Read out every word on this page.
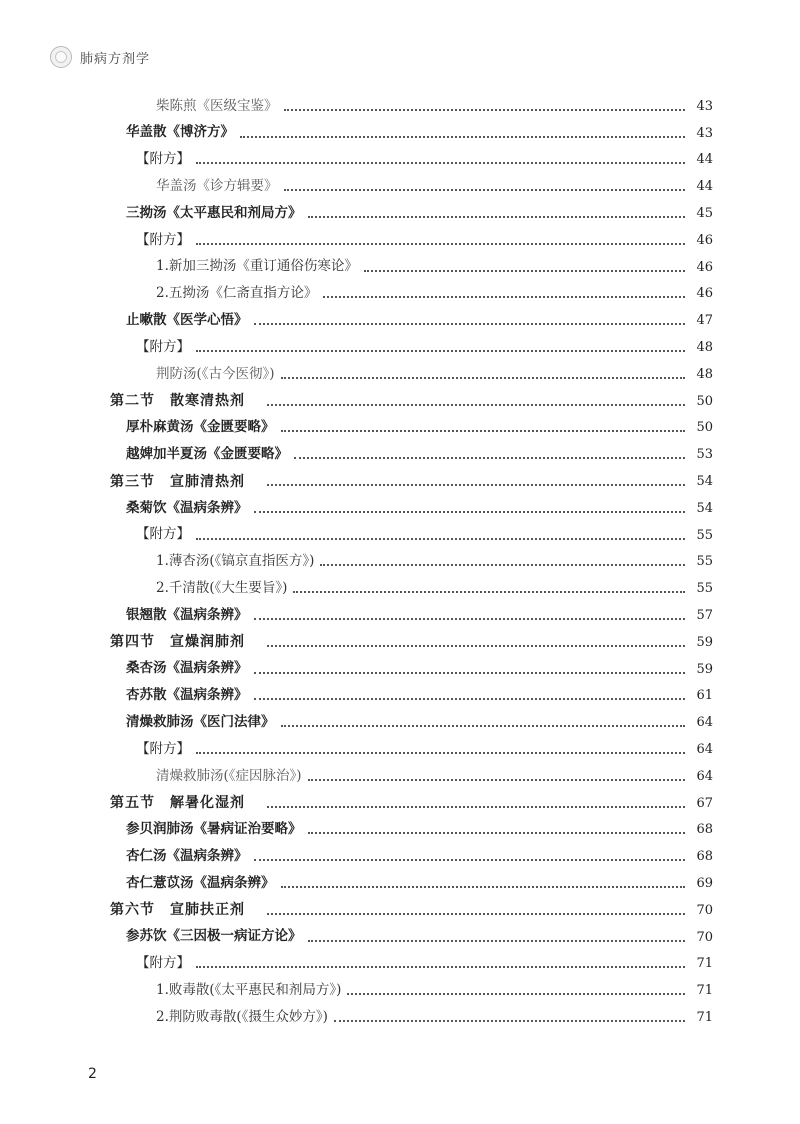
肺病方剂学
柴陈煎《医级宝鉴》	43
华盖散《博济方》	43
【附方】	44
华盖汤《诊方辑要》	44
三拗汤《太平惠民和剂局方》	45
【附方】	46
1.新加三拗汤《重订通俗伤寒论》	46
2.五拗汤《仁斋直指方论》	46
止嗽散《医学心悟》	47
【附方】	48
荆防汤(《古今医彻》)	48
第二节　散寒清热剂	50
厚朴麻黄汤《金匮要略》	50
越婢加半夏汤《金匮要略》	53
第三节　宣肺清热剂	54
桑菊饮《温病条辨》	54
【附方】	55
1.薄杏汤(《镐京直指医方》)	55
2.千清散(《大生要旨》)	55
银翘散《温病条辨》	57
第四节　宣燥润肺剂	59
桑杏汤《温病条辨》	59
杏苏散《温病条辨》	61
清燥救肺汤《医门法律》	64
【附方】	64
清燥救肺汤(《症因脉治》)	64
第五节　解暑化湿剂	67
参贝润肺汤《暑病证治要略》	68
杏仁汤《温病条辨》	68
杏仁薏苡汤《温病条辨》	69
第六节　宣肺扶正剂	70
参苏饮《三因极一病证方论》	70
【附方】	71
1.败毒散(《太平惠民和剂局方》)	71
2.荆防败毒散(《摄生众妙方》)	71
2
